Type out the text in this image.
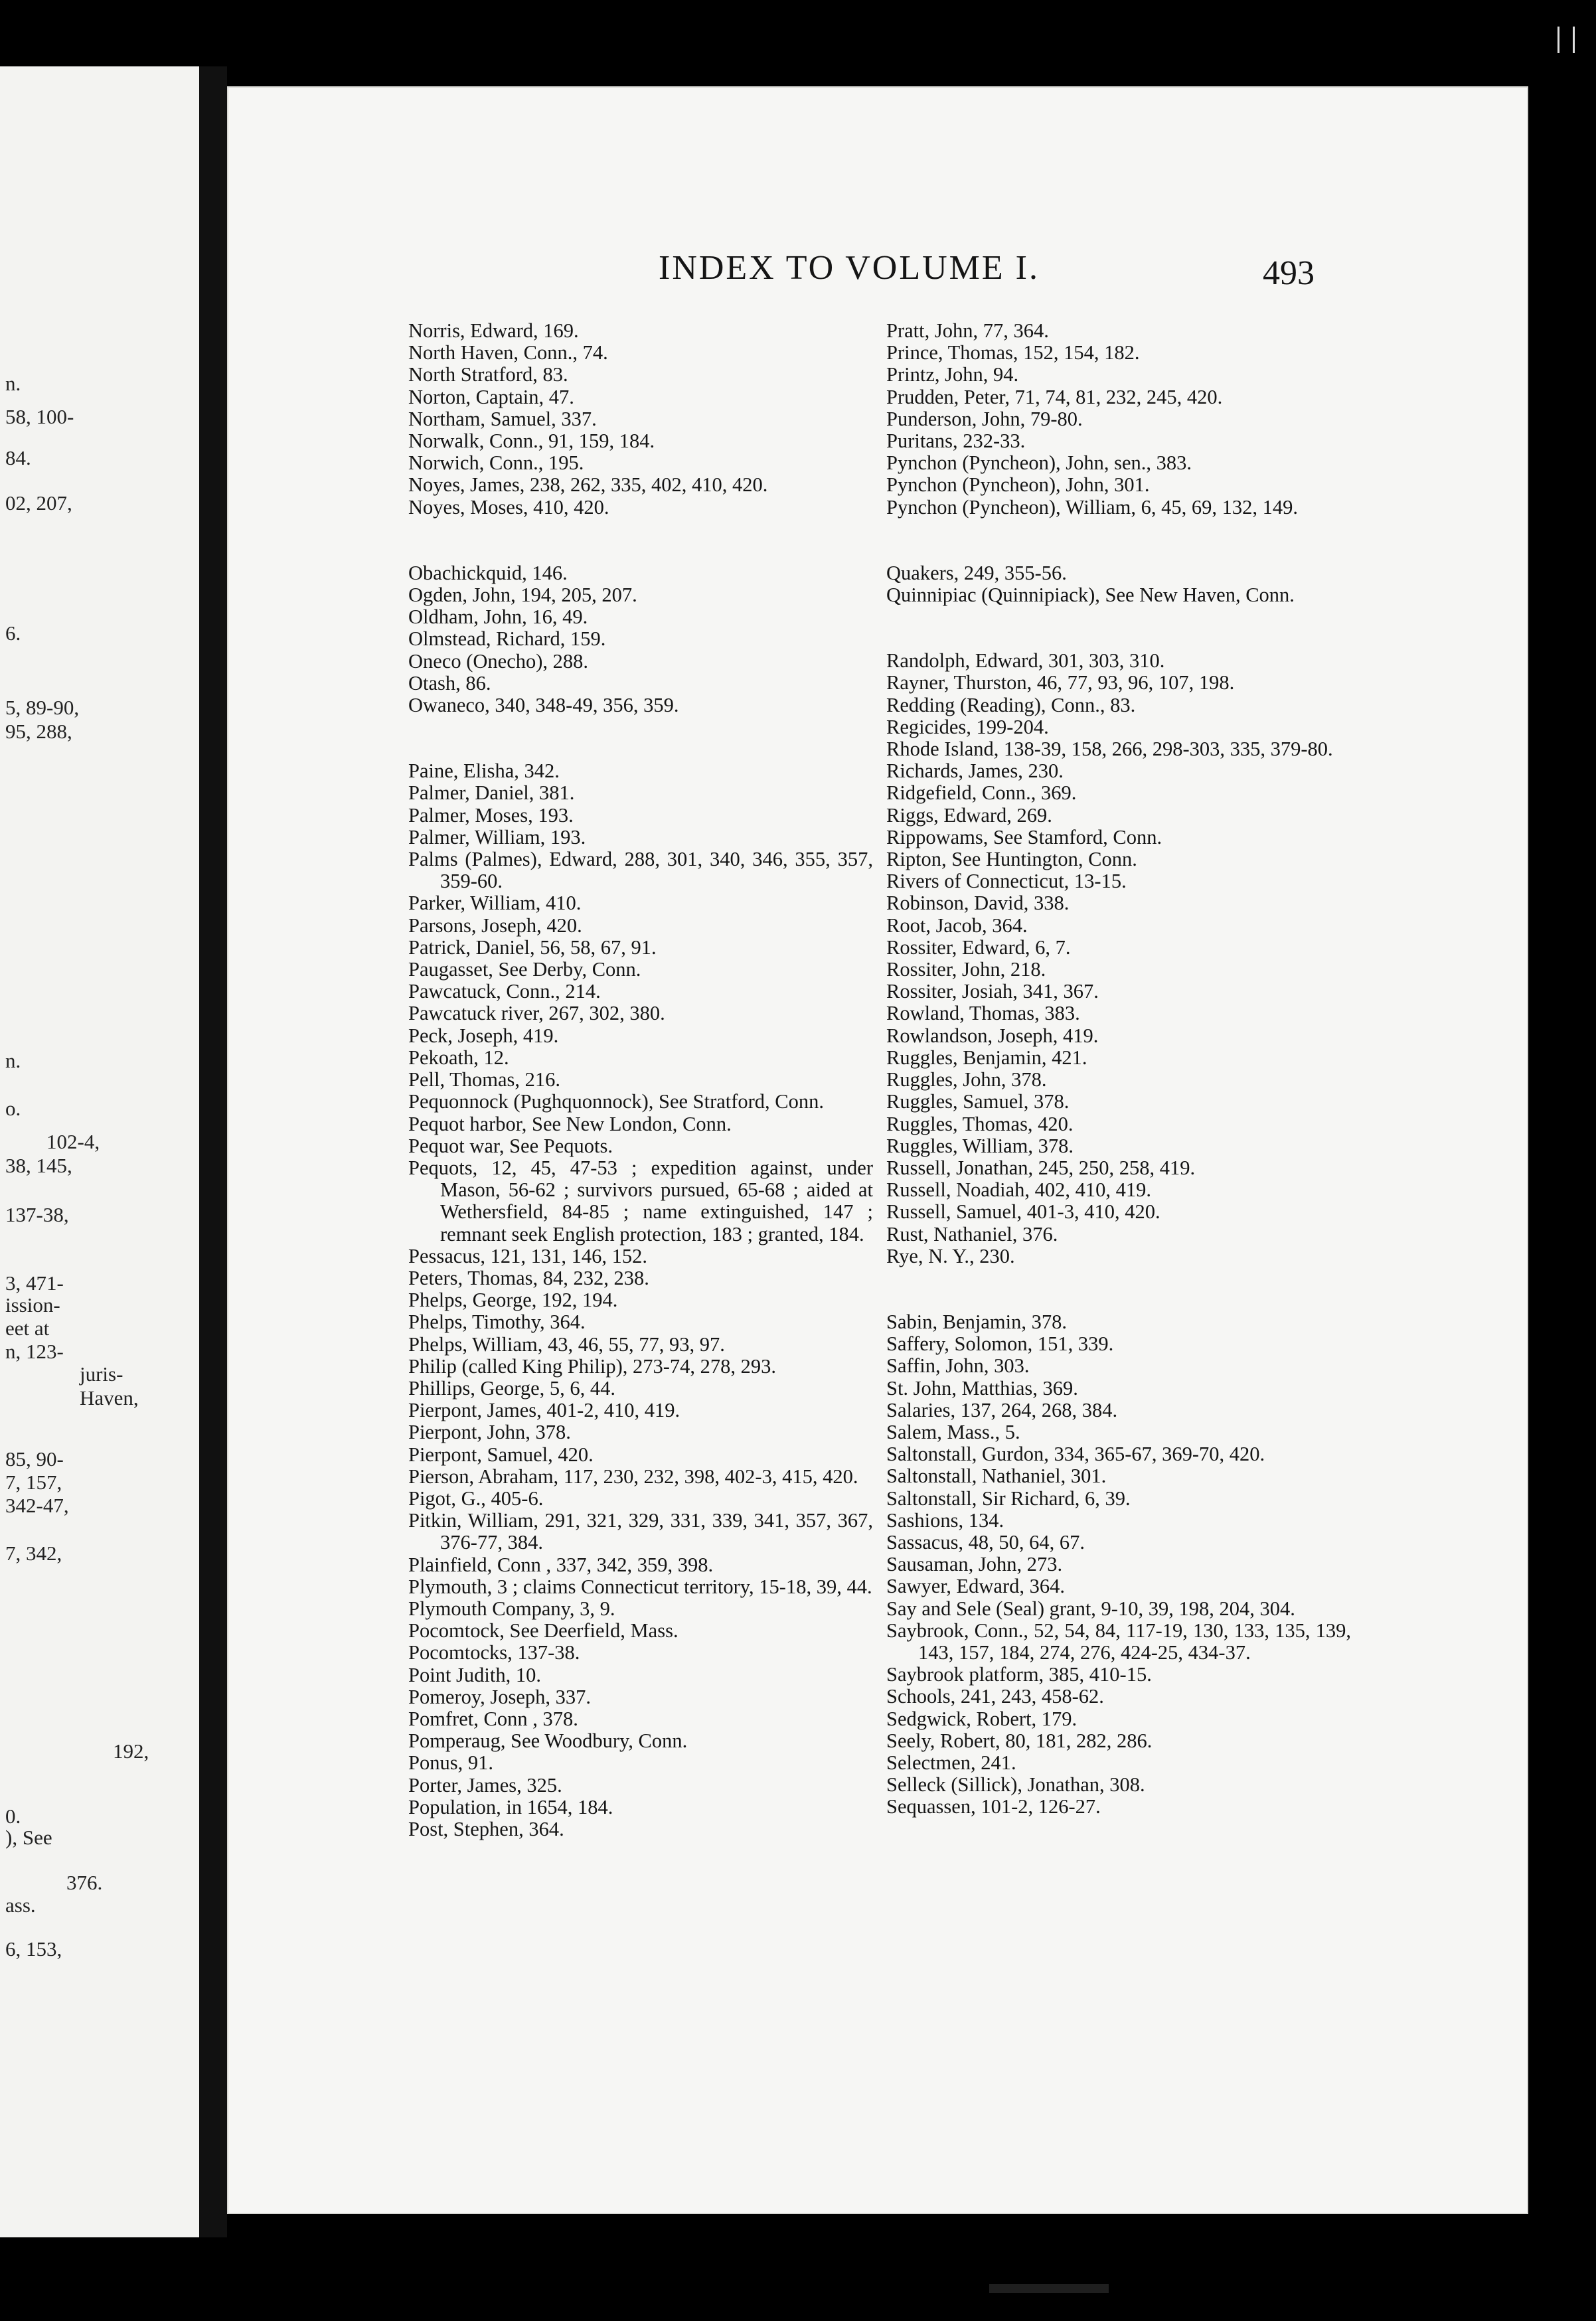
n.
58, 100-
84.
02, 207,
6.
5, 89-90,
95, 288,
n.
o.
102-4,
38, 145,
137-38,
3, 471-
ission-
eet at
n, 123-
juris-
Haven,
85, 90-
7, 157,
342-47,
7, 342,
192,
0.
), See
376.
ass.
6, 153,
INDEX TO VOLUME I.	493

Norris, Edward, 169.

North Haven, Conn., 74.

North Stratford, 83.

Norton, Captain, 47.

Northam, Samuel, 337.

Norwalk, Conn., 91, 159, 184.

Norwich, Conn., 195.

Noyes, James, 238, 262, 335, 402, 410, 420.

Noyes, Moses, 410, 420.

Obachickquid, 146.

Ogden, John, 194, 205, 207.

Oldham, John, 16, 49.

Olmstead, Richard, 159.

Oneco (Onecho), 288.

Otash, 86.

Owaneco, 340, 348-49, 356, 359.

Paine, Elisha, 342.

Palmer, Daniel, 381.

Palmer, Moses, 193.

Palmer, William, 193.

Palms (Palmes), Edward, 288, 301, 340, 346, 355, 357, 359-60.

Parker, William, 410.

Parsons, Joseph, 420.

Patrick, Daniel, 56, 58, 67, 91.

Paugasset, See Derby, Conn.

Pawcatuck, Conn., 214.

Pawcatuck river, 267, 302, 380.

Peck, Joseph, 419.

Pekoath, 12.

Pell, Thomas, 216.

Pequonnock (Pughquonnock), See Stratford, Conn.

Pequot harbor, See New London, Conn.

Pequot war, See Pequots.

Pequots, 12, 45, 47-53 ; expedition against, under Mason, 56-62 ; survivors pursued, 65-68 ; aided at Wethersfield, 84-85 ; name extinguished, 147 ; remnant seek English protection, 183 ; granted, 184.

Pessacus, 121, 131, 146, 152.

Peters, Thomas, 84, 232, 238.

Phelps, George, 192, 194.

Phelps, Timothy, 364.

Phelps, William, 43, 46, 55, 77, 93, 97.

Philip (called King Philip), 273-74, 278, 293.

Phillips, George, 5, 6, 44.

Pierpont, James, 401-2, 410, 419.

Pierpont, John, 378.

Pierpont, Samuel, 420.

Pierson, Abraham, 117, 230, 232, 398, 402-3, 415, 420.

Pigot, G., 405-6.

Pitkin, William, 291, 321, 329, 331, 339, 341, 357, 367, 376-77, 384.

Plainfield, Conn , 337, 342, 359, 398.

Plymouth, 3 ; claims Connecticut territory, 15-18, 39, 44.

Plymouth Company, 3, 9.

Pocomtock, See Deerfield, Mass.

Pocomtocks, 137-38.

Point Judith, 10.

Pomeroy, Joseph, 337.

Pomfret, Conn , 378.

Pomperaug, See Woodbury, Conn.

Ponus, 91.

Porter, James, 325.

Population, in 1654, 184.

Post, Stephen, 364.

Pratt, John, 77, 364.

Prince, Thomas, 152, 154, 182.

Printz, John, 94.

Prudden, Peter, 71, 74, 81, 232, 245, 420.

Punderson, John, 79-80.

Puritans, 232-33.

Pynchon (Pyncheon), John, sen., 383.

Pynchon (Pyncheon), John, 301.

Pynchon (Pyncheon), William, 6, 45, 69, 132, 149.

Quakers, 249, 355-56.

Quinnipiac (Quinnipiack), See New Haven, Conn.

Randolph, Edward, 301, 303, 310.

Rayner, Thurston, 46, 77, 93, 96, 107, 198.

Redding (Reading), Conn., 83.

Regicides, 199-204.

Rhode Island, 138-39, 158, 266, 298-303, 335, 379-80.

Richards, James, 230.

Ridgefield, Conn., 369.

Riggs, Edward, 269.

Rippowams, See Stamford, Conn.

Ripton, See Huntington, Conn.

Rivers of Connecticut, 13-15.

Robinson, David, 338.

Root, Jacob, 364.

Rossiter, Edward, 6, 7.

Rossiter, John, 218.

Rossiter, Josiah, 341, 367.

Rowland, Thomas, 383.

Rowlandson, Joseph, 419.

Ruggles, Benjamin, 421.

Ruggles, John, 378.

Ruggles, Samuel, 378.

Ruggles, Thomas, 420.

Ruggles, William, 378.

Russell, Jonathan, 245, 250, 258, 419.

Russell, Noadiah, 402, 410, 419.

Russell, Samuel, 401-3, 410, 420.

Rust, Nathaniel, 376.

Rye, N. Y., 230.

Sabin, Benjamin, 378.

Saffery, Solomon, 151, 339.

Saffin, John, 303.

St. John, Matthias, 369.

Salaries, 137, 264, 268, 384.

Salem, Mass., 5.

Saltonstall, Gurdon, 334, 365-67, 369-70, 420.

Saltonstall, Nathaniel, 301.

Saltonstall, Sir Richard, 6, 39.

Sashions, 134.

Sassacus, 48, 50, 64, 67.

Sausaman, John, 273.

Sawyer, Edward, 364.

Say and Sele (Seal) grant, 9-10, 39, 198, 204, 304.

Saybrook, Conn., 52, 54, 84, 117-19, 130, 133, 135, 139, 143, 157, 184, 274, 276, 424-25, 434-37.

Saybrook platform, 385, 410-15.

Schools, 241, 243, 458-62.

Sedgwick, Robert, 179.

Seely, Robert, 80, 181, 282, 286.

Selectmen, 241.

Selleck (Sillick), Jonathan, 308.

Sequassen, 101-2, 126-27.
